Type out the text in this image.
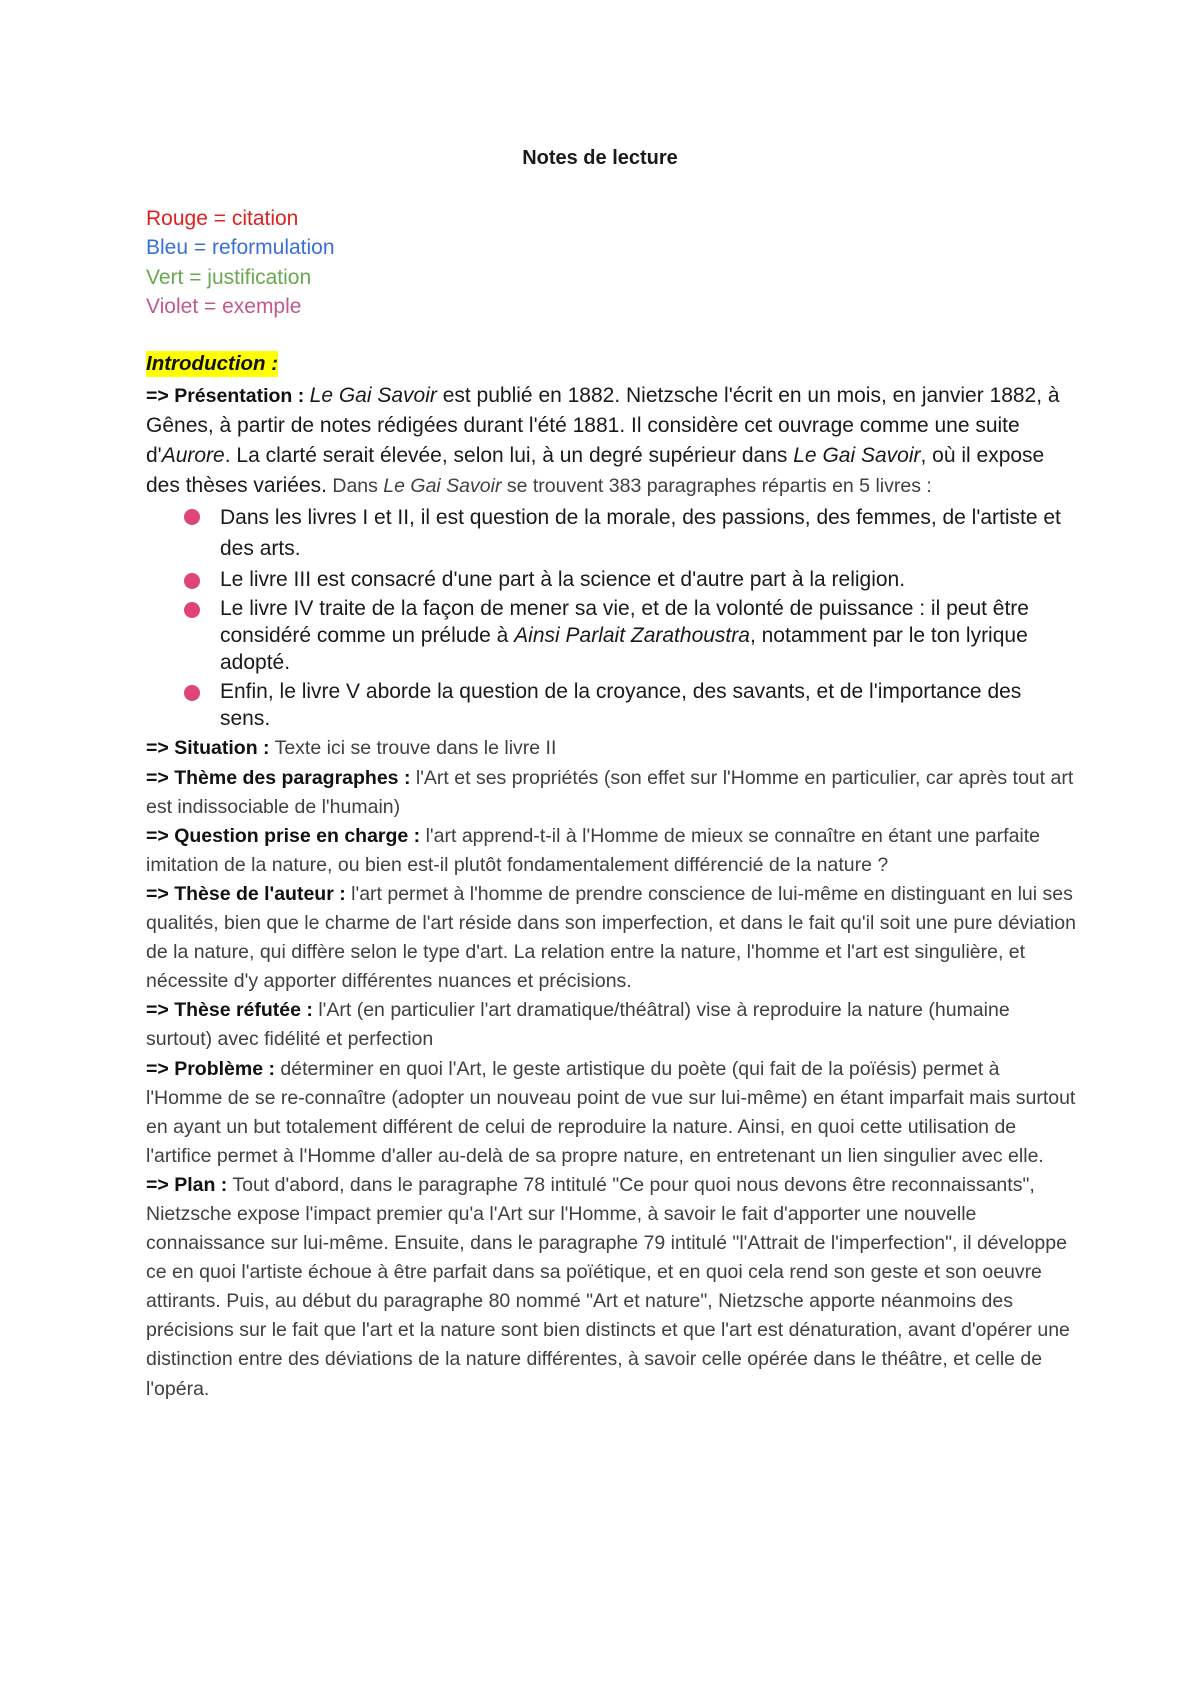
Notes de lecture
Rouge = citation
Bleu = reformulation
Vert = justification
Violet = exemple
Introduction :

=> Présentation : Le Gai Savoir est publié en 1882. Nietzsche l'écrit en un mois, en janvier 1882, à Gênes, à partir de notes rédigées durant l'été 1881. Il considère cet ouvrage comme une suite d'Aurore. La clarté serait élevée, selon lui, à un degré supérieur dans Le Gai Savoir, où il expose des thèses variées. Dans Le Gai Savoir se trouvent 383 paragraphes répartis en 5 livres :

Dans les livres I et II, il est question de la morale, des passions, des femmes, de l'artiste et des arts.
Le livre III est consacré d'une part à la science et d'autre part à la religion.
Le livre IV traite de la façon de mener sa vie, et de la volonté de puissance : il peut être considéré comme un prélude à Ainsi Parlait Zarathoustra, notamment par le ton lyrique adopté.
Enfin, le livre V aborde la question de la croyance, des savants, et de l'importance des sens.

=> Situation : Texte ici se trouve dans le livre II

=> Thème des paragraphes : l'Art et ses propriétés (son effet sur l'Homme en particulier, car après tout art est indissociable de l'humain)

=> Question prise en charge : l'art apprend-t-il à l'Homme de mieux se connaître en étant une parfaite imitation de la nature, ou bien est-il plutôt fondamentalement différencié de la nature ?

=> Thèse de l'auteur : l'art permet à l'homme de prendre conscience de lui-même en distinguant en lui ses qualités, bien que le charme de l'art réside dans son imperfection, et dans le fait qu'il soit une pure déviation de la nature, qui diffère selon le type d'art. La relation entre la nature, l'homme et l'art est singulière, et nécessite d'y apporter différentes nuances et précisions.

=> Thèse réfutée : l'Art (en particulier l'art dramatique/théâtral) vise à reproduire la nature (humaine surtout) avec fidélité et perfection

=> Problème : déterminer en quoi l'Art, le geste artistique du poète (qui fait de la poïésis) permet à l'Homme de se re-connaître (adopter un nouveau point de vue sur lui-même) en étant imparfait mais surtout en ayant un but totalement différent de celui de reproduire la nature. Ainsi, en quoi cette utilisation de l'artifice permet à l'Homme d'aller au-delà de sa propre nature, en entretenant un lien singulier avec elle.

=> Plan : Tout d'abord, dans le paragraphe 78 intitulé "Ce pour quoi nous devons être reconnaissants", Nietzsche expose l'impact premier qu'a l'Art sur l'Homme, à savoir le fait d'apporter une nouvelle connaissance sur lui-même. Ensuite, dans le paragraphe 79 intitulé "l'Attrait de l'imperfection", il développe ce en quoi l'artiste échoue à être parfait dans sa poïétique, et en quoi cela rend son geste et son oeuvre attirants. Puis, au début du paragraphe 80 nommé "Art et nature", Nietzsche apporte néanmoins des précisions sur le fait que l'art et la nature sont bien distincts et que l'art est dénaturation, avant d'opérer une distinction entre des déviations de la nature différentes, à savoir celle opérée dans le théâtre, et celle de l'opéra.
